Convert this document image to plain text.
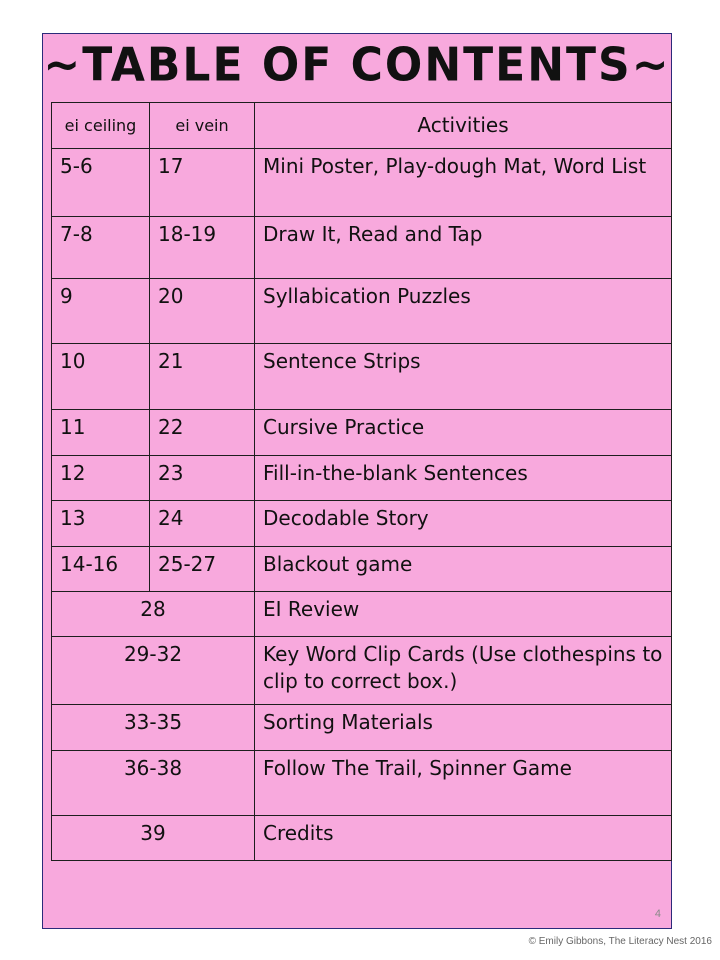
~TABLE OF CONTENTS~
ei ceiling	ei vein	Activities
5-6	17	Mini Poster, Play-dough Mat, Word List
7-8	18-19	Draw It, Read and Tap
9	20	Syllabication Puzzles
10	21	Sentence Strips
11	22	Cursive Practice
12	23	Fill-in-the-blank Sentences
13	24	Decodable Story
14-16	25-27	Blackout game
28		EI Review
29-32		Key Word Clip Cards (Use clothespins to clip to correct box.)
33-35		Sorting Materials
36-38		Follow The Trail, Spinner Game
39		Credits
4
© Emily Gibbons, The Literacy Nest 2016
